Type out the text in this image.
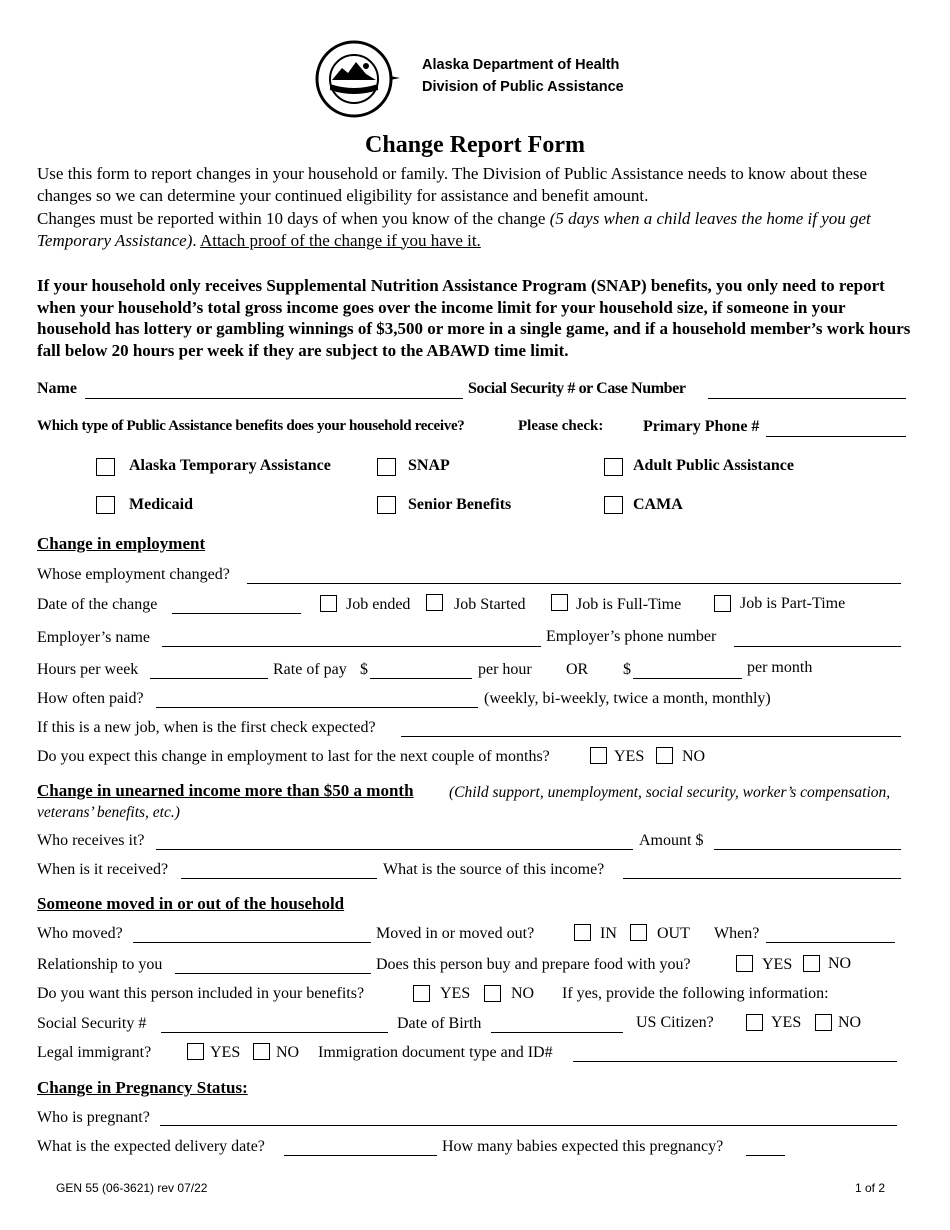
STATE OF ALASKA
DEPARTMENT OF HEALTH
Alaska Department of Health
Division of Public Assistance
Change Report Form
Use this form to report changes in your household or family. The Division of Public Assistance needs to know about these changes so we can determine your continued eligibility for assistance and benefit amount.
Changes must be reported within 10 days of when you know of the change (5 days when a child leaves the home if you get Temporary Assistance). Attach proof of the change if you have it.
If your household only receives Supplemental Nutrition Assistance Program (SNAP) benefits, you only need to report when your household’s total gross income goes over the income limit for your household size, if someone in your household has lottery or gambling winnings of $3,500 or more in a single game, and if a household member’s work hours fall below 20 hours per week if they are subject to the ABAWD time limit.
Name	Social Security # or Case Number
Which type of Public Assistance benefits does your household receive?	Please check: Primary Phone #
Alaska Temporary Assistance	SNAP	Adult Public Assistance
Medicaid	Senior Benefits	CAMA
Change in employment
Whose employment changed?
Date of the change	Job ended	Job Started	Job is Full-Time	Job is Part-Time
Employer’s name	Employer’s phone number
Hours per week	Rate of pay $	per hour OR $	per month
How often paid?	(weekly, bi-weekly, twice a month, monthly)
If this is a new job, when is the first check expected?
Do you expect this change in employment to last for the next couple of months?	YES NO
Change in unearned income more than $50 a month	(Child support, unemployment, social security, worker’s compensation, veterans’ benefits, etc.)
Who receives it?	Amount $
When is it received?	What is the source of this income?
Someone moved in or out of the household
Who moved?	Moved in or moved out?	IN	OUT When?
Relationship to you	Does this person buy and prepare food with you?	YES NO
Do you want this person included in your benefits?	YES	NO If yes, provide the following information:
Social Security #	Date of Birth	US Citizen?	YES NO
Legal immigrant?	YES NO Immigration document type and ID#
Change in Pregnancy Status:
Who is pregnant?
What is the expected delivery date?	How many babies expected this pregnancy?
GEN 55 (06-3621) rev 07/22	1 of 2
